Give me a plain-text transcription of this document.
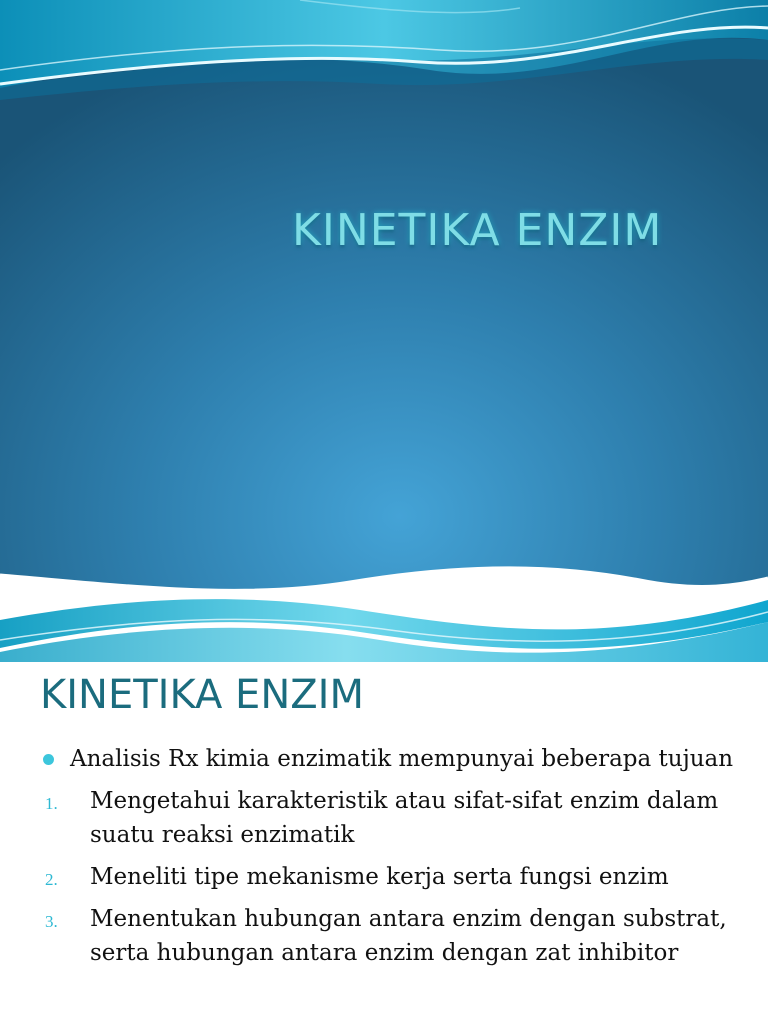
KINETIKA ENZIM
KINETIKA ENZIM
Analisis Rx kimia enzimatik mempunyai beberapa tujuan
1. Mengetahui karakteristik atau sifat-sifat enzim dalam suatu reaksi enzimatik
2. Meneliti tipe mekanisme kerja serta fungsi enzim
3. Menentukan hubungan antara enzim dengan substrat, serta hubungan antara enzim dengan zat inhibitor
